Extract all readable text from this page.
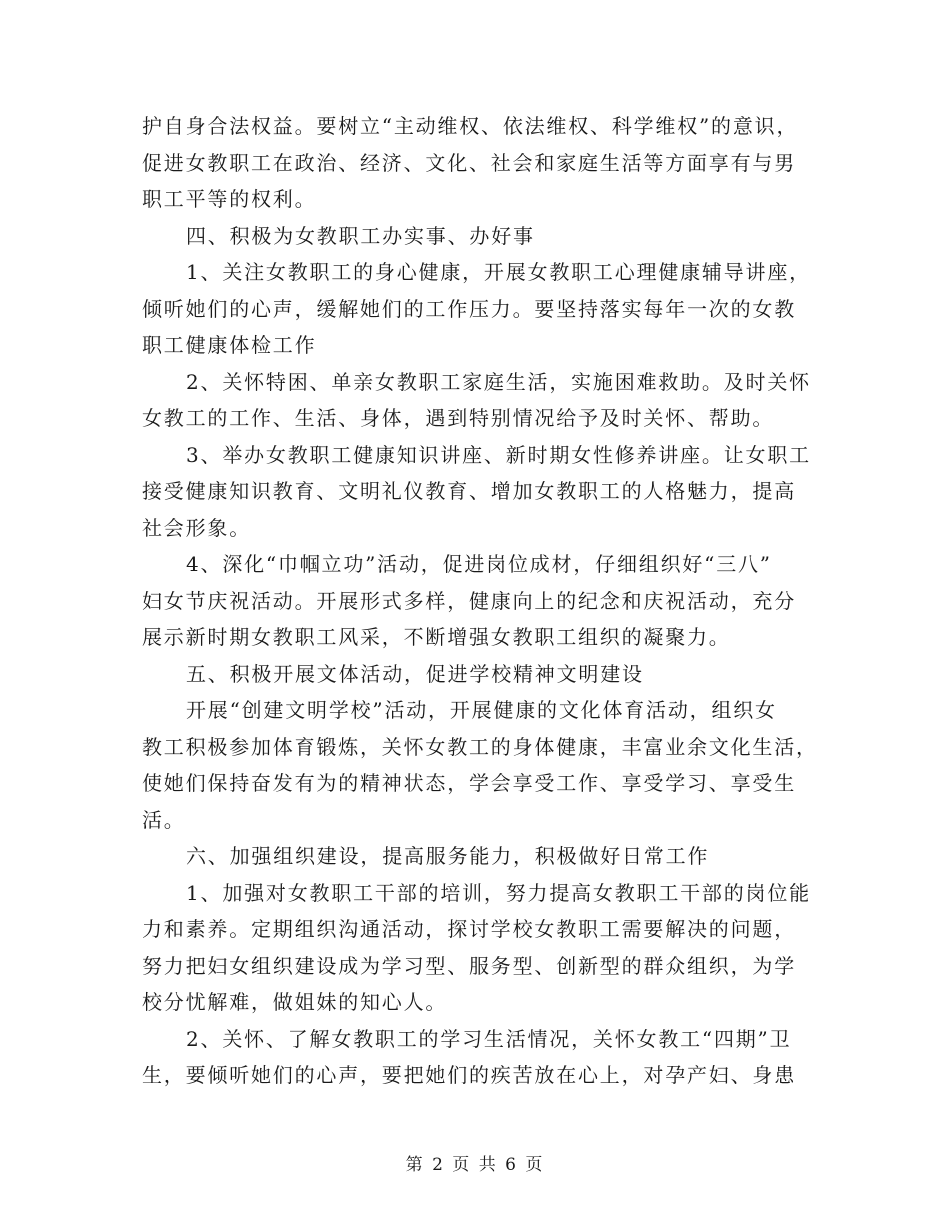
护自身合法权益。要树立“主动维权、依法维权、科学维权”的意识，
促进女教职工在政治、经济、文化、社会和家庭生活等方面享有与男
职工平等的权利。
四、积极为女教职工办实事、办好事
1、关注女教职工的身心健康，开展女教职工心理健康辅导讲座，
倾听她们的心声，缓解她们的工作压力。要坚持落实每年一次的女教
职工健康体检工作
2、关怀特困、单亲女教职工家庭生活，实施困难救助。及时关怀
女教工的工作、生活、身体，遇到特别情况给予及时关怀、帮助。
3、举办女教职工健康知识讲座、新时期女性修养讲座。让女职工
接受健康知识教育、文明礼仪教育、增加女教职工的人格魅力，提高
社会形象。
4、深化“巾帼立功”活动，促进岗位成材，仔细组织好“三八”
妇女节庆祝活动。开展形式多样，健康向上的纪念和庆祝活动，充分
展示新时期女教职工风采，不断增强女教职工组织的凝聚力。
五、积极开展文体活动，促进学校精神文明建设
开展“创建文明学校”活动，开展健康的文化体育活动，组织女
教工积极参加体育锻炼，关怀女教工的身体健康，丰富业余文化生活，
使她们保持奋发有为的精神状态，学会享受工作、享受学习、享受生
活。
六、加强组织建设，提高服务能力，积极做好日常工作
1、加强对女教职工干部的培训，努力提高女教职工干部的岗位能
力和素养。定期组织沟通活动，探讨学校女教职工需要解决的问题，
努力把妇女组织建设成为学习型、服务型、创新型的群众组织，为学
校分忧解难，做姐妹的知心人。
2、关怀、了解女教职工的学习生活情况，关怀女教工“四期”卫
生，要倾听她们的心声，要把她们的疾苦放在心上，对孕产妇、身患
第 2 页 共 6 页
